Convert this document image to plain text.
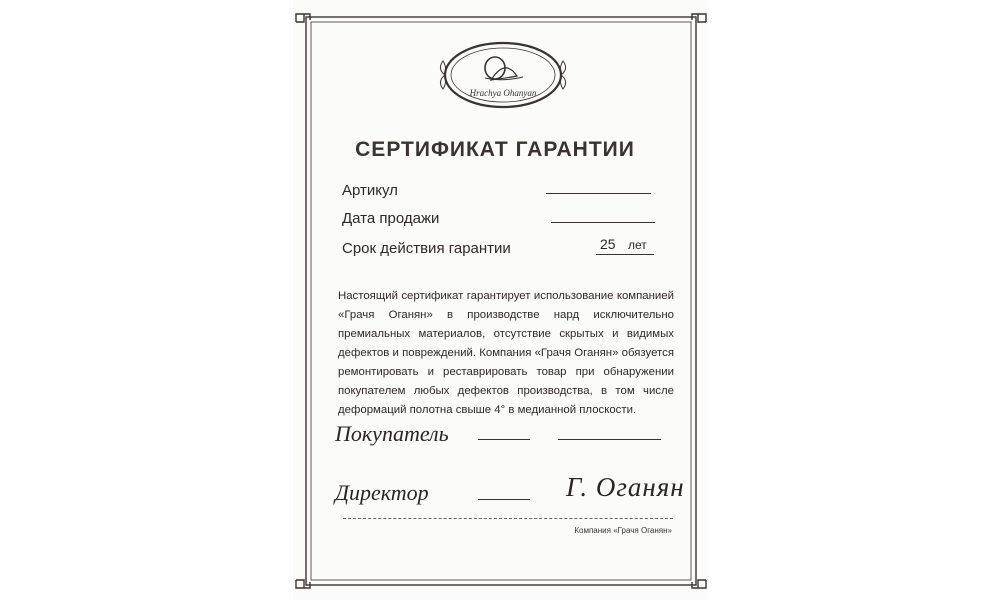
Hrachya Ohanyan
СЕРТИФИКАТ ГАРАНТИИ
Артикул
Дата продажи
Срок действия гарантии	25 лет
Настоящий сертификат гарантирует использование компанией «Грачя Оганян» в производстве нард исключительно премиальных материалов, отсутствие скрытых и видимых дефектов и повреждений. Компания «Грачя Оганян» обязуется ремонтировать и реставрировать товар при обнаружении покупателем любых дефектов производства, в том числе деформаций полотна свыше 4° в медианной плоскости.
Покупатель
Директор	Г. Оганян
Компания «Грачя Оганян»
